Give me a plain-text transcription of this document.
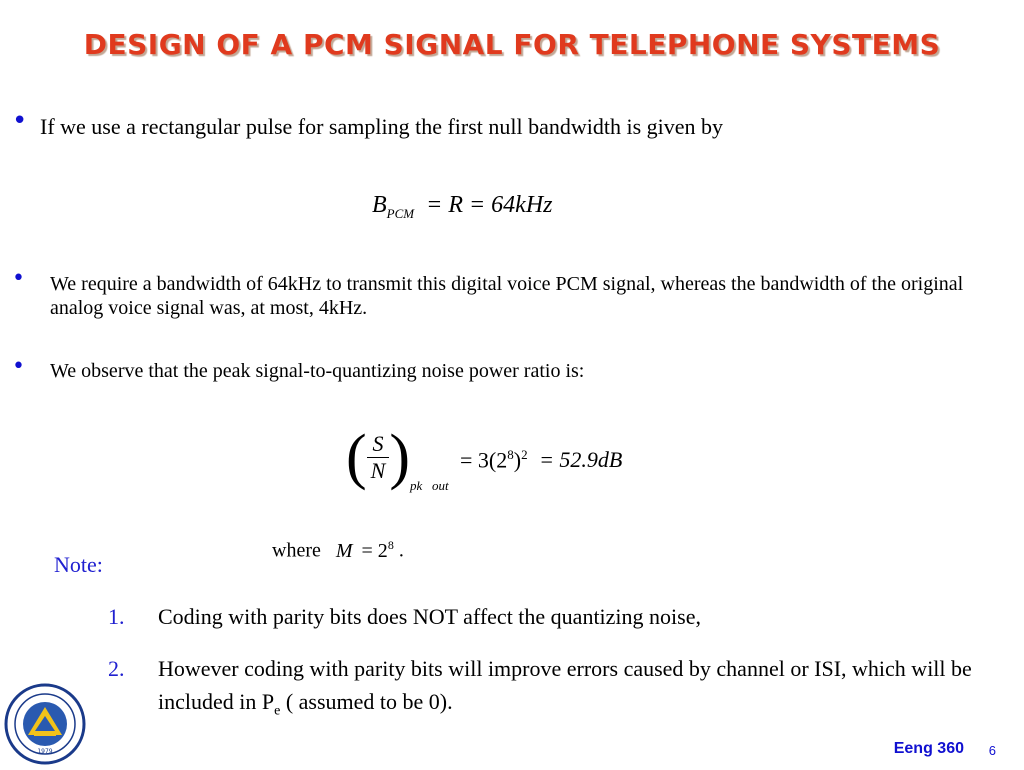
DESIGN OF A PCM SIGNAL FOR TELEPHONE SYSTEMS
• If we use a rectangular pulse for sampling the first null bandwidth is given by
$B_{PCM} = R = 64kHz$
• We require a bandwidth of 64kHz to transmit this digital voice PCM signal, whereas the bandwidth of the original analog voice signal was, at most, 4kHz.
• We observe that the peak signal-to-quantizing noise power ratio is:
( $\frac{S}{N} )_{pk out}$
= $3(2^8)^2 = 52.9dB$
where $M = 2^8$ .
Note:
1. Coding with parity bits does NOT affect the quantizing noise,
2. However coding with parity bits will improve errors caused by channel or ISI, which will be included in $P_e$ ( assumed to be 0).
1979	Eeng 360 6
